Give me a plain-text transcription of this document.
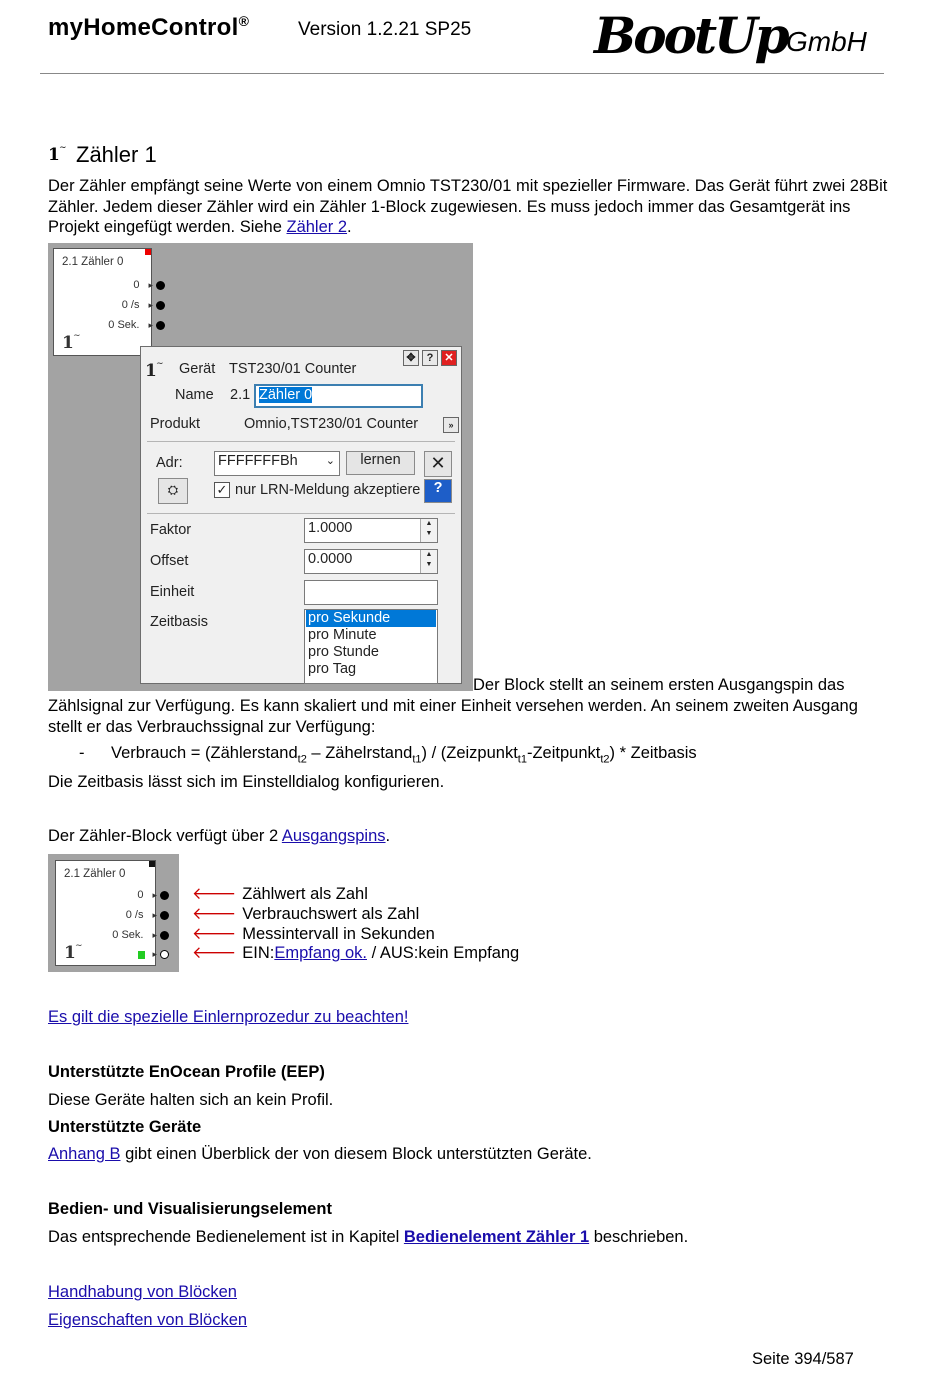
myHomeControl®	Version 1.2.21 SP25 BootUp GmbH
1 ∼ Zähler 1
Der Zähler empfängt seine Werte von einem Omnio TST230/01 mit spezieller Firmware. Das Gerät führt zwei 28Bit Zähler. Jedem dieser Zähler wird ein Zähler 1-Block zugewiesen. Es muss jedoch immer das Gesamtgerät ins Projekt eingefügt werden. Siehe Zähler 2.
2.1 Zähler 0
0 ▸
0 /s ▸
0 Sek. ▸
1 ∼
1 ∼ Gerät TST230/01 Counter
✥	?	✕
Name 2.1 Zähler 0
Produkt	Omnio,TST230/01 Counter	»
Adr: FFFFFFFBh	⌄	lernen	✕
⛭	✓ nur LRN-Meldung akzeptiere ?
Faktor	1.0000	▲
▼
Offset	0.0000	▲
▼
Einheit
Zeitbasis	pro Sekunde
pro Minute
pro Stunde
pro Tag
Der Block stellt an seinem ersten Ausgangspin das
Zählsignal zur Verfügung. Es kann skaliert und mit einer Einheit versehen werden. An seinem zweiten Ausgang stellt er das Verbrauchssignal zur Verfügung:
- Verbrauch = (Zählerstand$_{t2}$ – Zähelrstand$_{t1}$) / (Zeizpunkt$_{t1}$-Zeitpunkt$_{t2}$) * Zeitbasis
Die Zeitbasis lässt sich im Einstelldialog konfigurieren.
Der Zähler-Block verfügt über 2 Ausgangspins.
2.1 Zähler 0
0 ▸
0 /s ▸
0 Sek. ▸
▸
1 ∼
🡐 Zählwert als Zahl
🡐 Verbrauchswert als Zahl
🡐 Messintervall in Sekunden
🡐 EIN:Empfang ok. / AUS:kein Empfang
Es gilt die spezielle Einlernprozedur zu beachten!
Unterstützte EnOcean Profile (EEP)
Diese Geräte halten sich an kein Profil.
Unterstützte Geräte
Anhang B gibt einen Überblick der von diesem Block unterstützten Geräte.
Bedien- und Visualisierungselement
Das entsprechende Bedienelement ist in Kapitel Bedienelement Zähler 1 beschrieben.
Handhabung von Blöcken
Eigenschaften von Blöcken
Seite 394/587
